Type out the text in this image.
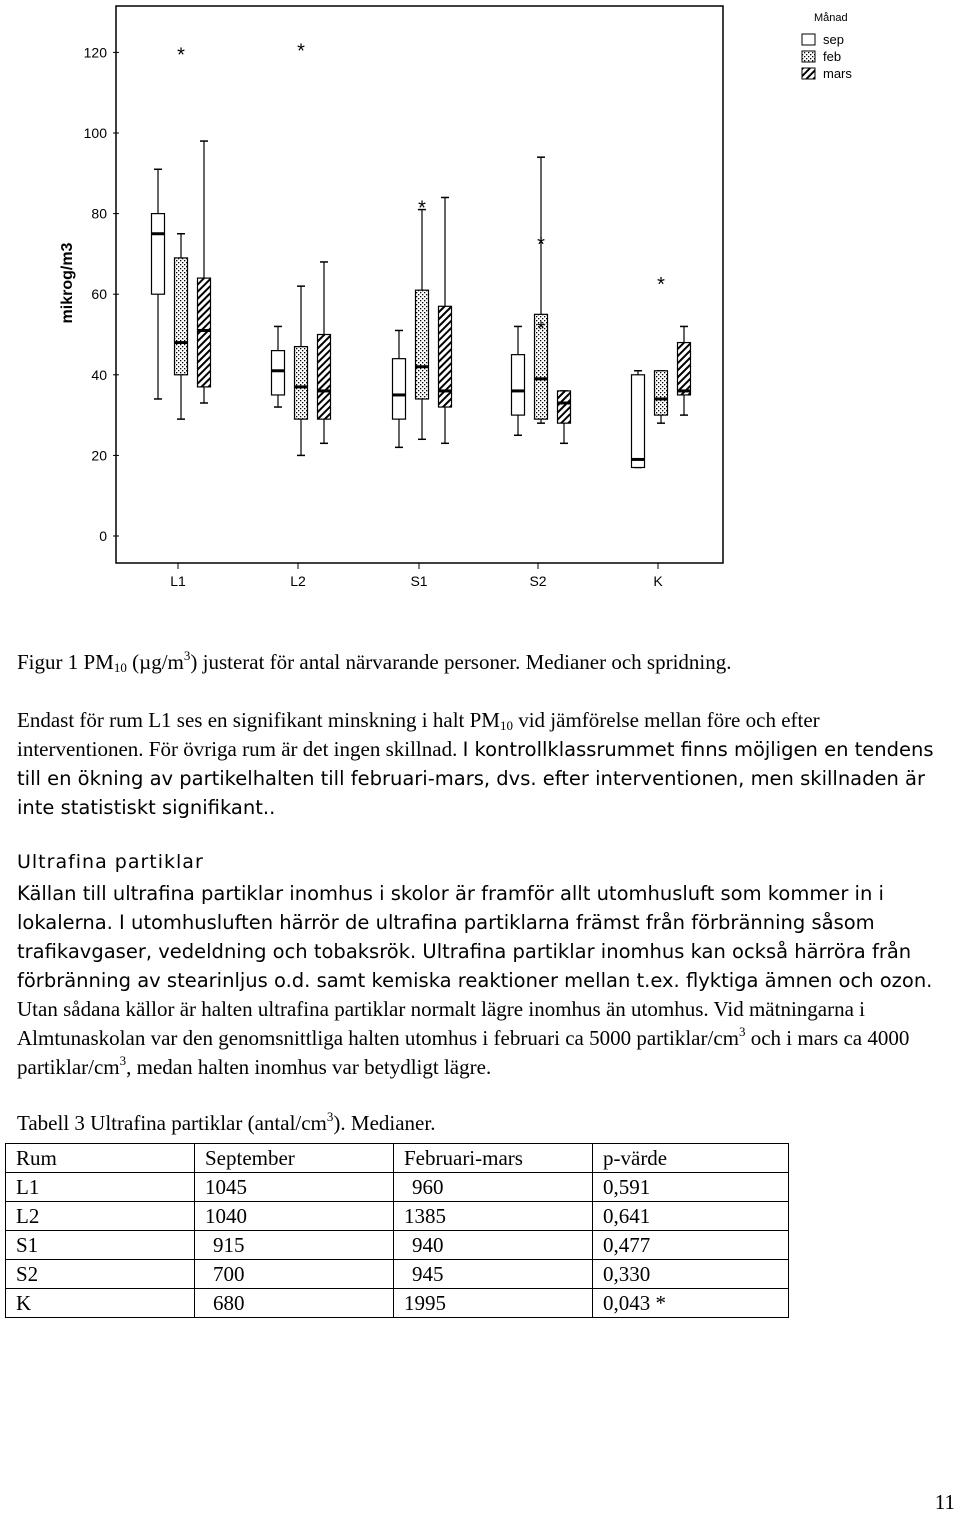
0
20
40
60
80
100
120
L1	L2	S1	S2	K
*	*
*
*
*
*
mikrog/m3
Månad
sep
feb
mars

Figur 1 $PM_{10}$ $(\mu g/m^3)$ justerat för antal närvarande personer. Medianer och spridning.

Endast för rum L1 ses en signifikant minskning i halt $PM_{10}$ vid jämförelse mellan före och efter interventionen. För övriga rum är det ingen skillnad. I kontrollklassrummet finns möjligen en tendens till en ökning av partikelhalten till februari-mars, dvs. efter interventionen, men skillnaden är inte statistiskt signifikant..

Ultrafina partiklar

Källan till ultrafina partiklar inomhus i skolor är framför allt utomhusluft som kommer in i lokalerna. I utomhusluften härrör de ultrafina partiklarna främst från förbränning såsom trafikavgaser, vedeldning och tobaksrök. Ultrafina partiklar inomhus kan också härröra från förbränning av stearinljus o.d. samt kemiska reaktioner mellan t.ex. flyktiga ämnen och ozon. Utan sådana källor är halten ultrafina partiklar normalt lägre inomhus än utomhus. Vid mätningarna i Almtunaskolan var den genomsnittliga halten utomhus i februari ca 5000 partiklar/$cm^3$ och i mars ca 4000 partiklar/$cm^3$, medan halten inomhus var betydligt lägre.

Tabell 3 Ultrafina partiklar $(antal/cm^3)$. Medianer.

Rum	September	Februari-mars	p-värde
L1	1045	960	0,591
L2	1040	1385	0,641
S1	915	940	0,477
S2	700	945	0,330
K	680	1995	0,043 *
11
